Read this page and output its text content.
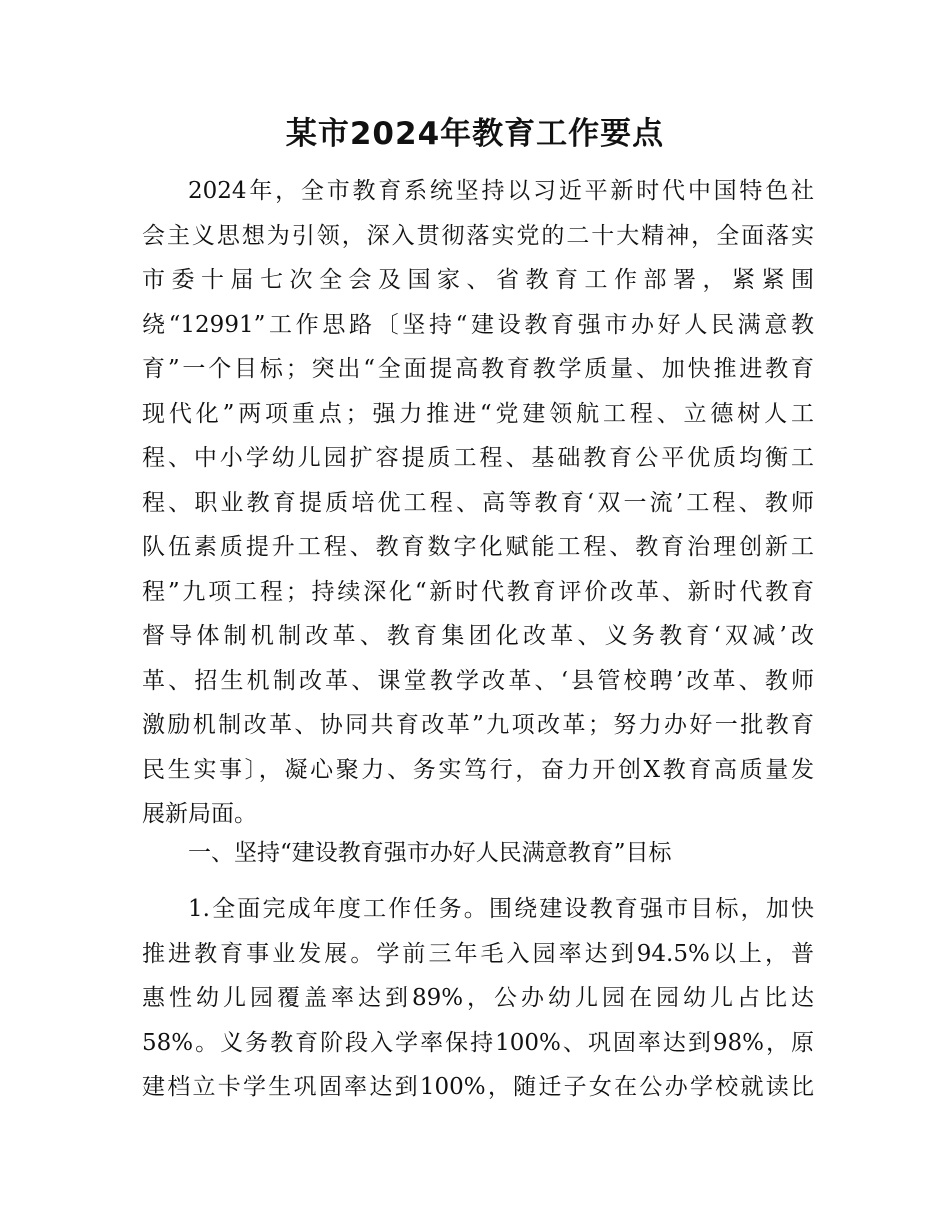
某市2024年教育工作要点
2024年，全市教育系统坚持以习近平新时代中国特色社
会主义思想为引领，深入贯彻落实党的二十大精神，全面落实
市委十届七次全会及国家、省教育工作部署，紧紧围
绕“12991”工作思路〔坚持“建设教育强市办好人民满意教
育”一个目标；突出“全面提高教育教学质量、加快推进教育
现代化”两项重点；强力推进“党建领航工程、立德树人工
程、中小学幼儿园扩容提质工程、基础教育公平优质均衡工
程、职业教育提质培优工程、高等教育‘双一流’工程、教师
队伍素质提升工程、教育数字化赋能工程、教育治理创新工
程”九项工程；持续深化“新时代教育评价改革、新时代教育
督导体制机制改革、教育集团化改革、义务教育‘双减’改
革、招生机制改革、课堂教学改革、‘县管校聘’改革、教师
激励机制改革、协同共育改革”九项改革；努力办好一批教育
民生实事〕，凝心聚力、务实笃行，奋力开创X教育高质量发
展新局面。
一、坚持“建设教育强市办好人民满意教育”目标
1.全面完成年度工作任务。围绕建设教育强市目标，加快
推进教育事业发展。学前三年毛入园率达到94.5%以上，普
惠性幼儿园覆盖率达到89%，公办幼儿园在园幼儿占比达
58%。义务教育阶段入学率保持100%、巩固率达到98%，原
建档立卡学生巩固率达到100%，随迁子女在公办学校就读比
